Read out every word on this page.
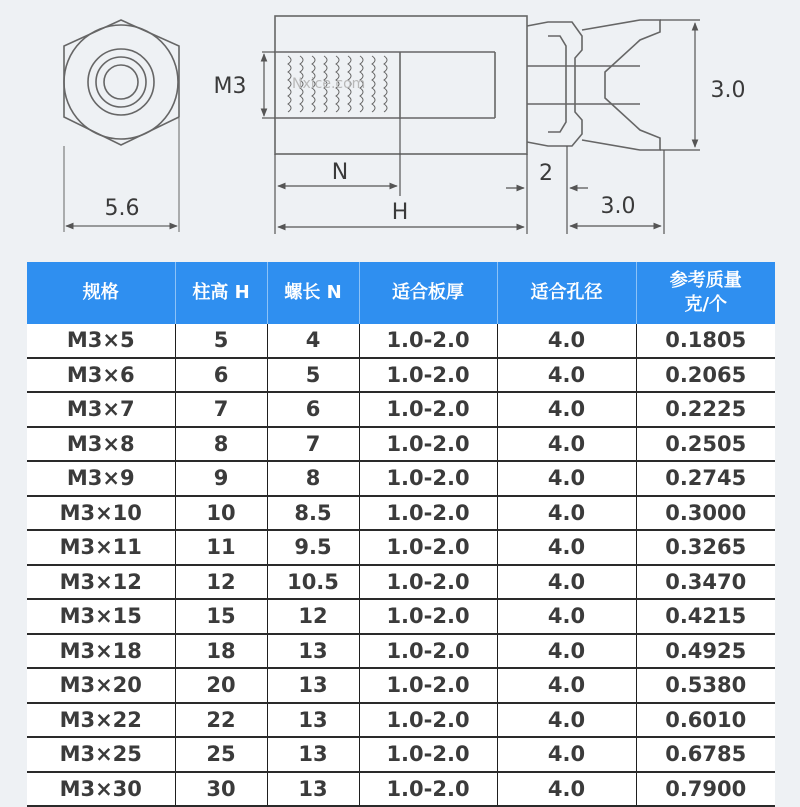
5.6
Nxice.com
M3
N
H
2
3.0
3.0
规格	柱高 H	螺长 N	适合板厚	适合孔径	参考质量
克/个
M3×5	5	4	1.0-2.0	4.0	0.1805
M3×6	6	5	1.0-2.0	4.0	0.2065
M3×7	7	6	1.0-2.0	4.0	0.2225
M3×8	8	7	1.0-2.0	4.0	0.2505
M3×9	9	8	1.0-2.0	4.0	0.2745
M3×10	10	8.5	1.0-2.0	4.0	0.3000
M3×11	11	9.5	1.0-2.0	4.0	0.3265
M3×12	12	10.5	1.0-2.0	4.0	0.3470
M3×15	15	12	1.0-2.0	4.0	0.4215
M3×18	18	13	1.0-2.0	4.0	0.4925
M3×20	20	13	1.0-2.0	4.0	0.5380
M3×22	22	13	1.0-2.0	4.0	0.6010
M3×25	25	13	1.0-2.0	4.0	0.6785
M3×30	30	13	1.0-2.0	4.0	0.7900
